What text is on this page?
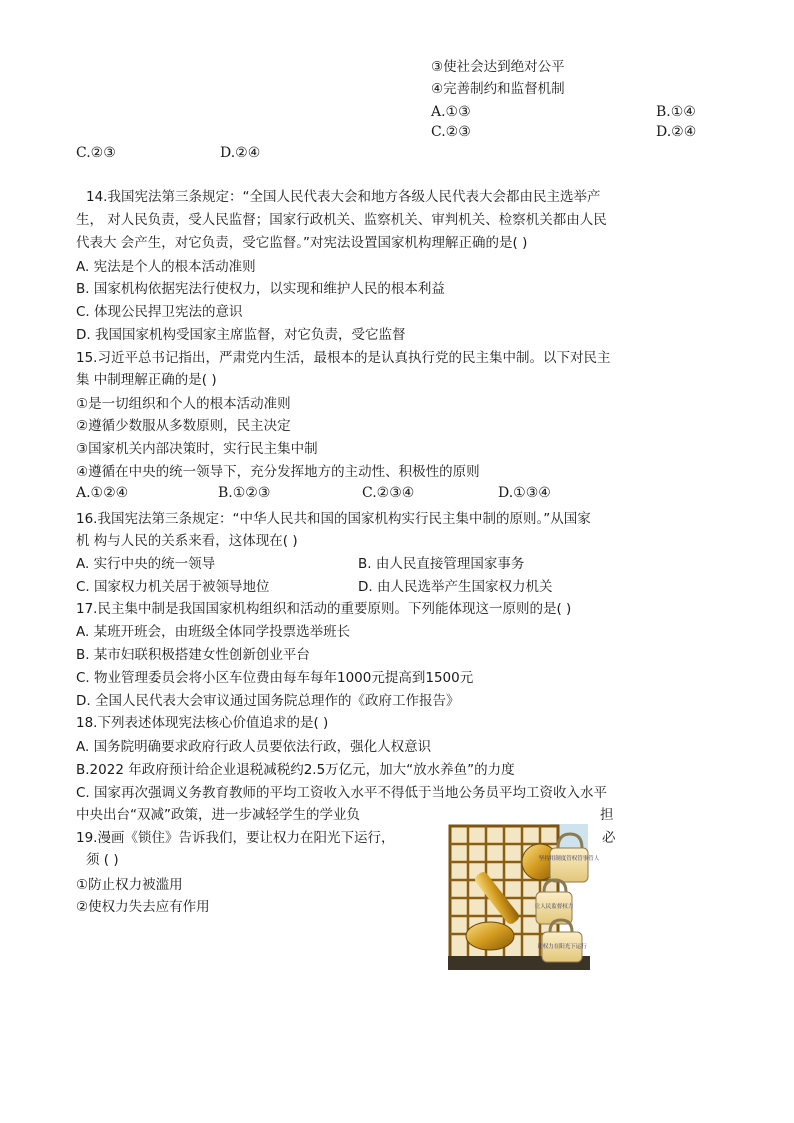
③使社会达到绝对公平
④完善制约和监督机制
A.①③	B.①④
C.②③	D.②④
C.②③	D.②④
14.我国宪法第三条规定：“全国人民代表大会和地方各级人民代表大会都由民主选举产
生， 对人民负责，受人民监督；国家行政机关、监察机关、审判机关、检察机关都由人民
代表大 会产生，对它负责，受它监督。”对宪法设置国家机构理解正确的是( )
A. 宪法是个人的根本活动准则
B. 国家机构依据宪法行使权力，以实现和维护人民的根本利益
C. 体现公民捍卫宪法的意识
D. 我国国家机构受国家主席监督，对它负责，受它监督
15.习近平总书记指出，严肃党内生活，最根本的是认真执行党的民主集中制。以下对民主
集 中制理解正确的是( )
①是一切组织和个人的根本活动准则
②遵循少数服从多数原则，民主决定
③国家机关内部决策时，实行民主集中制
④遵循在中央的统一领导下，充分发挥地方的主动性、积极性的原则
A.①②④	B.①②③	C.②③④	D.①③④
16.我国宪法第三条规定：“中华人民共和国的国家机构实行民主集中制的原则。”从国家
机 构与人民的关系来看，这体现在( )
A. 实行中央的统一领导	B. 由人民直接管理国家事务
C. 国家权力机关居于被领导地位	D. 由人民选举产生国家权力机关
17.民主集中制是我国国家机构组织和活动的重要原则。下列能体现这一原则的是( )
A. 某班开班会，由班级全体同学投票选举班长
B. 某市妇联积极搭建女性创新创业平台
C. 物业管理委员会将小区车位费由每车每年1000元提高到1500元
D. 全国人民代表大会审议通过国务院总理作的《政府工作报告》
18.下列表述体现宪法核心价值追求的是( )
A. 国务院明确要求政府行政人员要依法行政，强化人权意识
B.2022 年政府预计给企业退税减税约2.5万亿元，加大“放水养鱼”的力度
C. 国家再次强调义务教育教师的平均工资收入水平不得低于当地公务员平均工资收入水平
中央出台“双减”政策，进一步减轻学生的学业负	担
19.漫画《锁住》告诉我们，要让权力在阳光下运行，	必
须 ( )
①防止权力被滥用
②使权力失去应有作用
坚持用制度管权管事管人
让人民监督权力
让权力在阳光下运行
